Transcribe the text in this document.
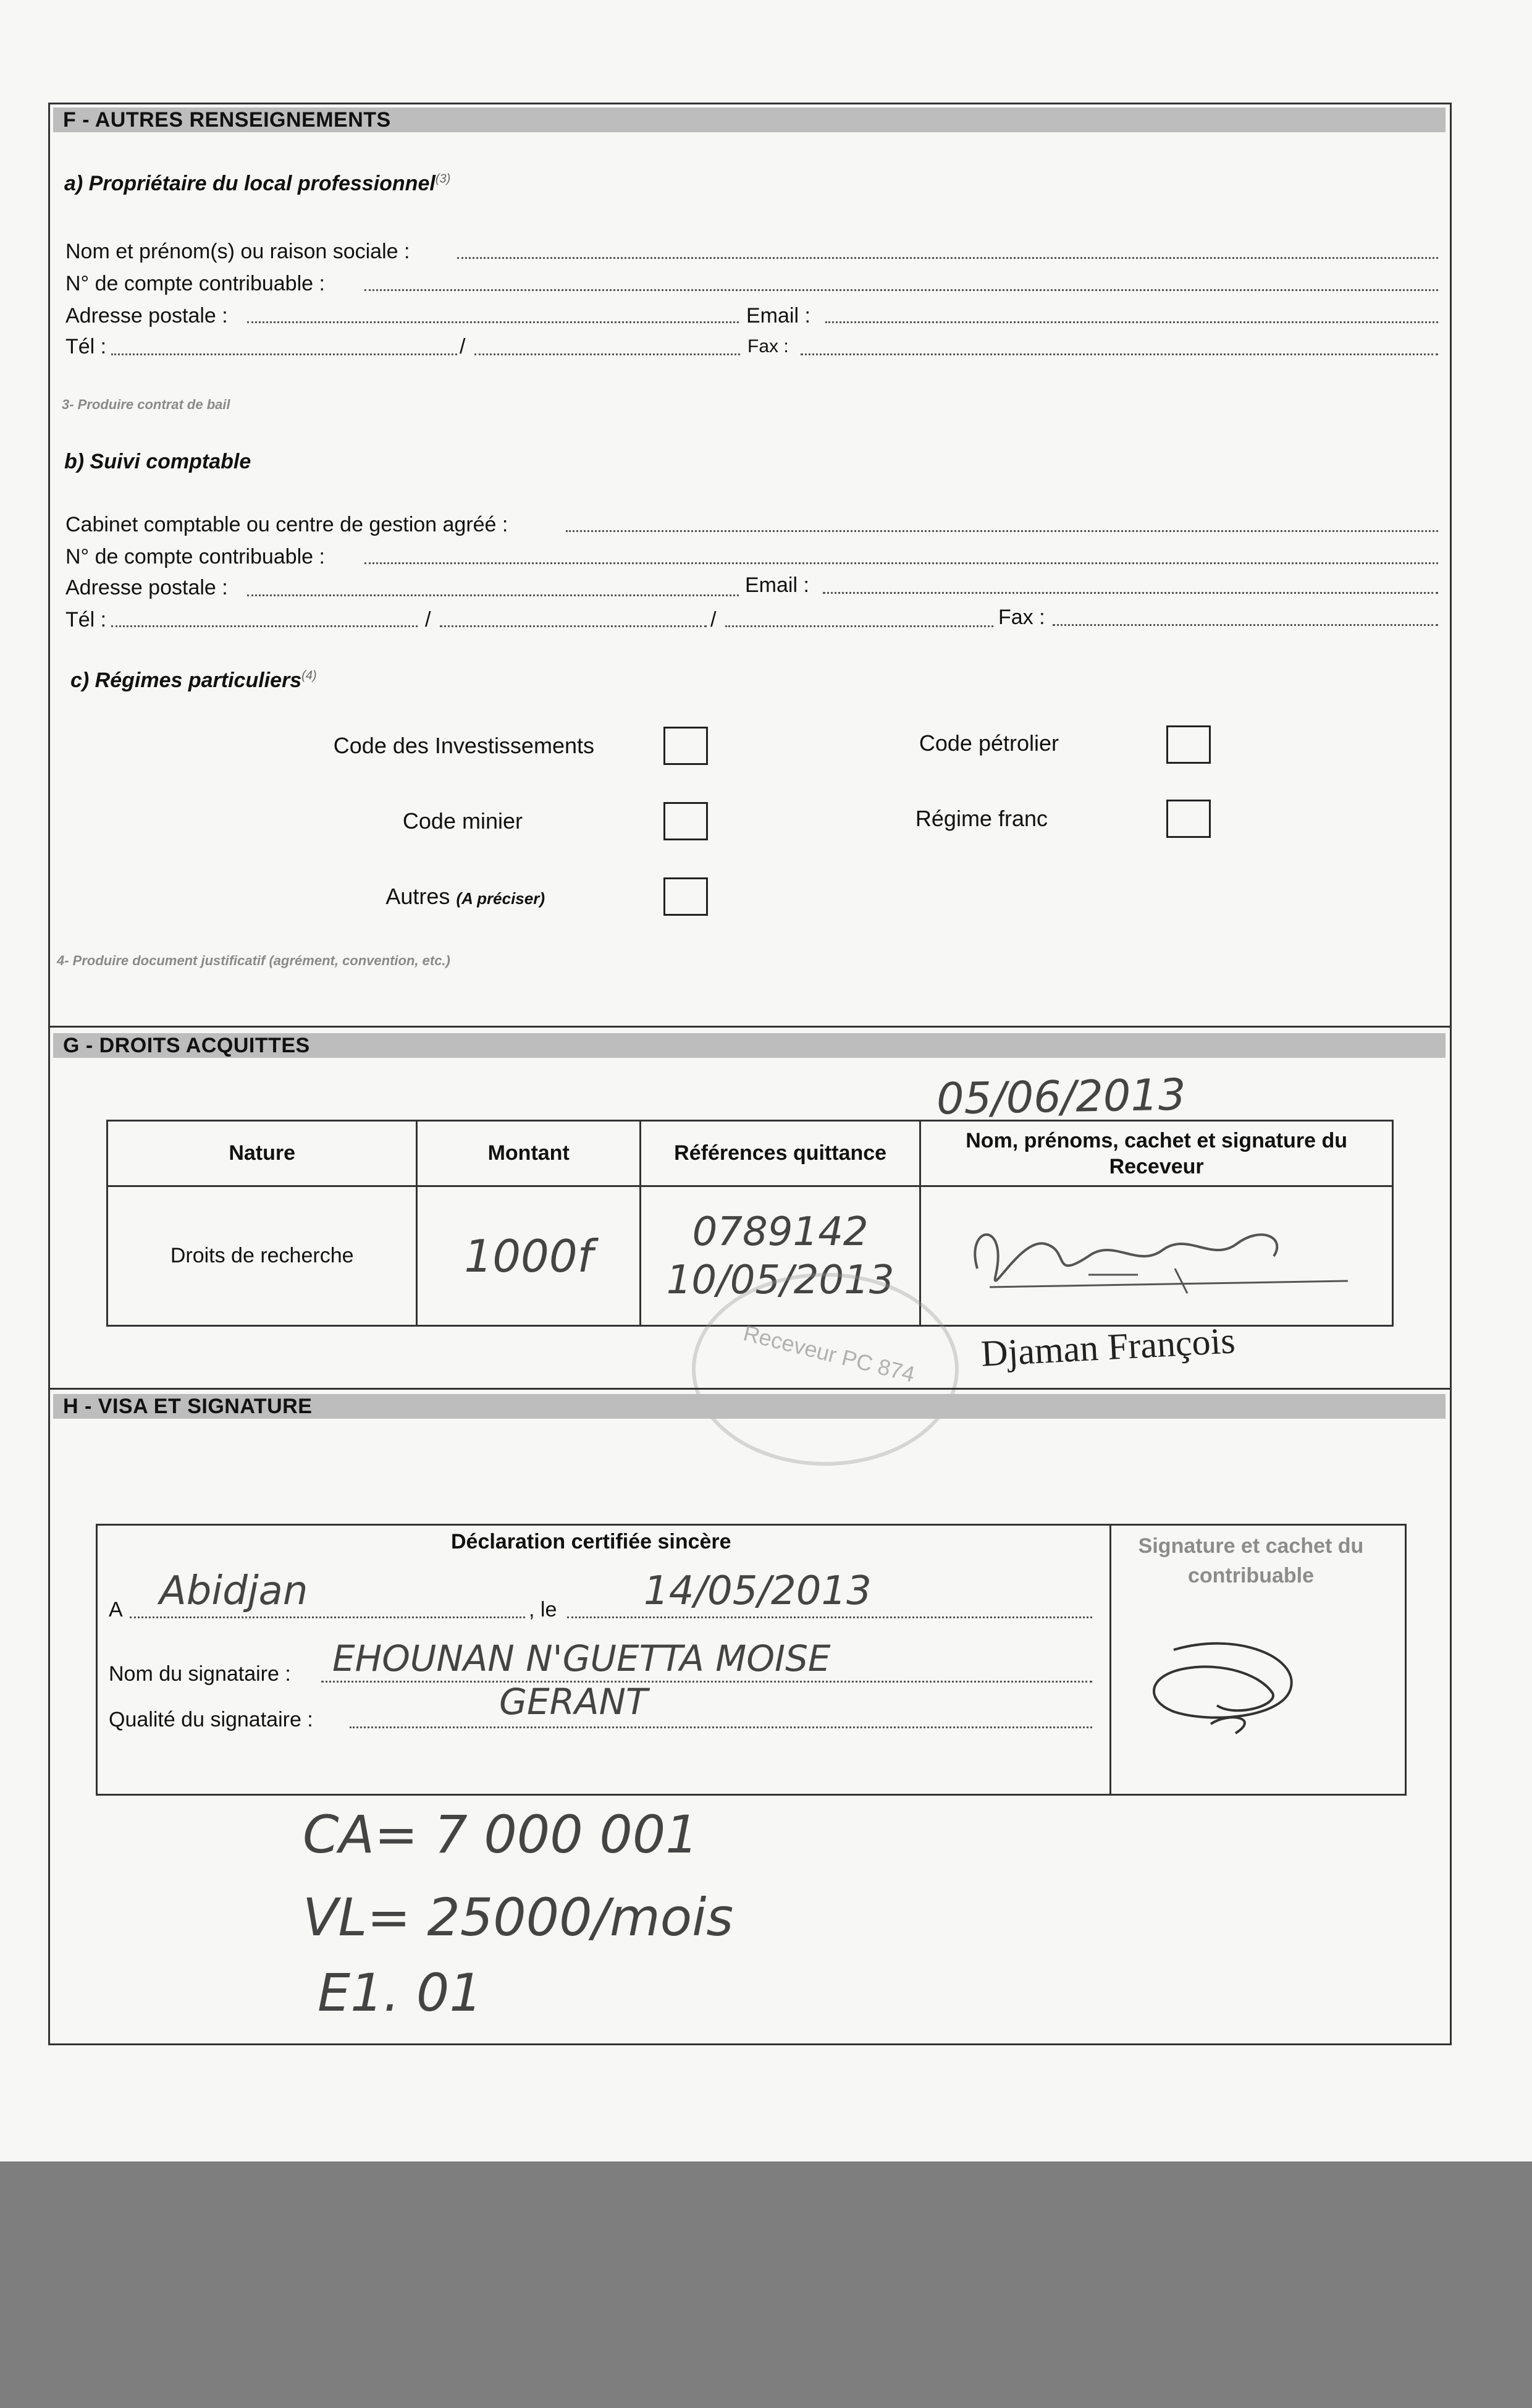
F - AUTRES RENSEIGNEMENTS
a) Propriétaire du local professionnel$^{(3)}$
Nom et prénom(s) ou raison sociale :
N° de compte contribuable :
Adresse postale :	Email :
Tél :	/	Fax :
3- Produire contrat de bail
b) Suivi comptable
Cabinet comptable ou centre de gestion agréé :
N° de compte contribuable :
Adresse postale :	Email :
Tél :	/	/	Fax :
c) Régimes particuliers$^{(4)}$
Code des Investissements	Code pétrolier
Code minier	Régime franc
Autres (A préciser)
4- Produire document justificatif (agrément, convention, etc.)
G - DROITS ACQUITTES
05/06/2013
Nature	Montant	Références quittance	Nom, prénoms, cachet et signature du Receveur
Droits de recherche	1000f	0789142
10/05/2013

Receveur PC 874 Djaman François
H - VISA ET SIGNATURE
Déclaration certifiée sincère
A Abidjan	, le 14/05/2013
Nom du signataire : EHOUNAN N'GUETTA MOISE
Qualité du signataire :	GERANT
Signature et cachet du contribuable
CA= 7 000 001
VL= 25000/mois
E1. 01
